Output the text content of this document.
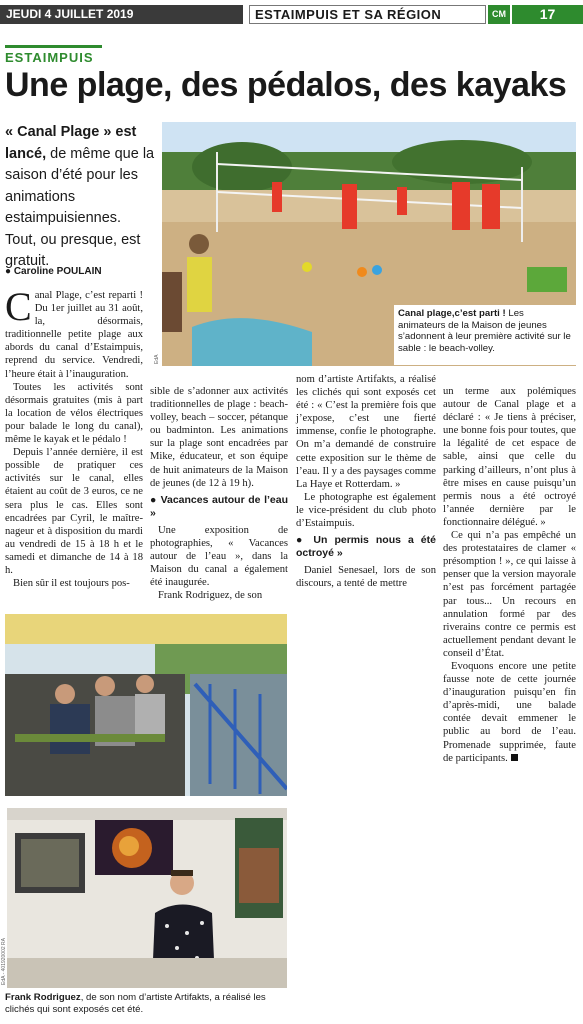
JEUDI 4 JUILLET 2019	ESTAIMPUIS ET SA RÉGION	CM	17
ESTAIMPUIS
Une plage, des pédalos, des kayaks
« Canal Plage » est lancé, de même que la saison d’été pour les animations estaimpuisiennes. Tout, ou presque, est gratuit.
● Caroline POULAIN
EdA
Canal plage,c’est parti ! Les animateurs de la Maison de jeunes s’adonnent à leur première activité sur le sable : le beach-volley.

Canal Plage, c’est reparti ! Du 1er juillet au 31 août, la, désormais, traditionnelle petite plage aux abords du canal d’Estaimpuis, reprend du service. Vendredi, l’heure était à l’inauguration.

Toutes les activités sont désormais gratuites (mis à part la location de vélos électriques pour balade le long du canal), même le kayak et le pédalo !

Depuis l’année dernière, il est possible de pratiquer ces activités sur le canal, elles étaient au coût de 3 euros, ce ne sera plus le cas. Elles sont encadrées par Cyril, le maître-nageur et à disposition du mardi au vendredi de 15 à 18 h et le samedi et dimanche de 14 à 18 h.

Bien sûr il est toujours pos-

sible de s’adonner aux activités traditionnelles de plage : beach-volley, beach – soccer, pétanque ou badminton. Les animations sur la plage sont encadrées par Mike, éducateur, et son équipe de huit animateurs de la Maison de jeunes (de 12 à 19 h).

● Vacances autour de l’eau »

Une exposition de photographies, « Vacances autour de l’eau », dans la Maison du canal a également été inaugurée.

Frank Rodriguez, de son

nom d’artiste Artifakts, a réalisé les clichés qui sont exposés cet été : « C’est la première fois que j’expose, c’est une fierté immense, confie le photographe. On m’a demandé de construire cette exposition sur le thème de l’eau. Il y a des paysages comme La Haye et Rotterdam. »

Le photographe est également le vice-président du club photo d’Estaimpuis.

● Un permis nous a été octroyé »

Daniel Senesael, lors de son discours, a tenté de mettre

un terme aux polémiques autour de Canal plage et a déclaré : « Je tiens à préciser, une bonne fois pour toutes, que la légalité de cet espace de sable, ainsi que celle du parking d’ailleurs, n’ont plus à être mises en cause puisqu’un permis nous a été octroyé l’année dernière par le fonctionnaire délégué. »

Ce qui n’a pas empêché un des protestataires de clamer « présomption ! », ce qui laisse à penser que la version mayorale n’est pas forcément partagée par tous... Un recours en annulation formé par des riverains contre ce permis est actuellement pendant devant le conseil d’État.

Evoquons encore une petite fausse note de cette journée d’inauguration puisqu’en fin d’après-midi, une balade contée devait emmener le public au bord de l’eau. Promenade supprimée, faute de participants.

EdA - 401920002 RA
Frank Rodriguez, de son nom d’artiste Artifakts, a réalisé les clichés qui sont exposés cet été.
